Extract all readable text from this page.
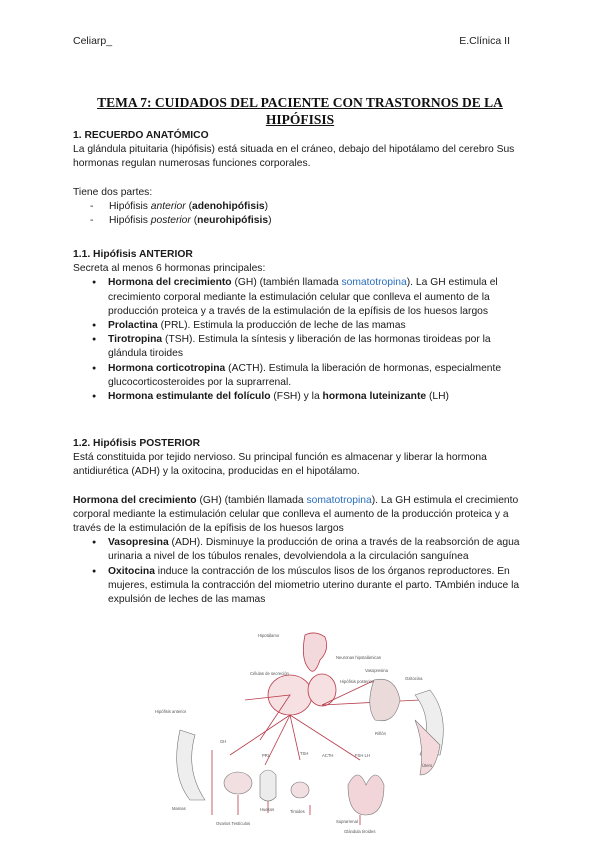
Celiarp_	E.Clínica II
TEMA 7: CUIDADOS DEL PACIENTE CON TRASTORNOS DE LA HIPÓFISIS
1. RECUERDO ANATÓMICO
La glándula pituitaria (hipófisis) está situada en el cráneo, debajo del hipotálamo del cerebro Sus hormonas regulan numerosas funciones corporales.
Tiene dos partes:
- Hipófisis anterior (adenohipófisis)
- Hipófisis posterior (neurohipófisis)
1.1. Hipófisis ANTERIOR
Secreta al menos 6 hormonas principales:
● Hormona del crecimiento (GH) (también llamada somatotropina). La GH estimula el crecimiento corporal mediante la estimulación celular que conlleva el aumento de la producción proteica y a través de la estimulación de la epífisis de los huesos largos
● Prolactina (PRL). Estimula la producción de leche de las mamas
● Tirotropina (TSH). Estimula la síntesis y liberación de las hormonas tiroideas por la glándula tiroides
● Hormona corticotropina (ACTH). Estimula la liberación de hormonas, especialmente glucocorticosteroides por la suprarrenal.
● Hormona estimulante del folículo (FSH) y la hormona luteinizante (LH)
1.2. Hipófisis POSTERIOR
Está constituida por tejido nervioso. Su principal función es almacenar y liberar la hormona antidiurética (ADH) y la oxitocina, producidas en el hipotálamo.
Hormona del crecimiento (GH) (también llamada somatotropina). La GH estimula el crecimiento corporal mediante la estimulación celular que conlleva el aumento de la producción proteica y a través de la estimulación de la epífisis de los huesos largos
● Vasopresina (ADH). Disminuye la producción de orina a través de la reabsorción de agua urinaria a nivel de los túbulos renales, devolviendola a la circulación sanguínea
● Oxitocina induce la contracción de los músculos lisos de los órganos reproductores. En mujeres, estimula la contracción del miometrio uterino durante el parto. TAmbién induce la expulsión de leches de las mamas
Hipotálamo
Neuronas hipotalámicas
Células de secreción
Hipófisis anterior
Hipófisis posterior
Vasopresina
Oxitocina
Riñón
Útero
GH
PRL	TSH	ACTH	FSH LH
Mamas	Huesos	Tiroides
Suprarrenal
Ovarios Testículos
Glándula tiroides
